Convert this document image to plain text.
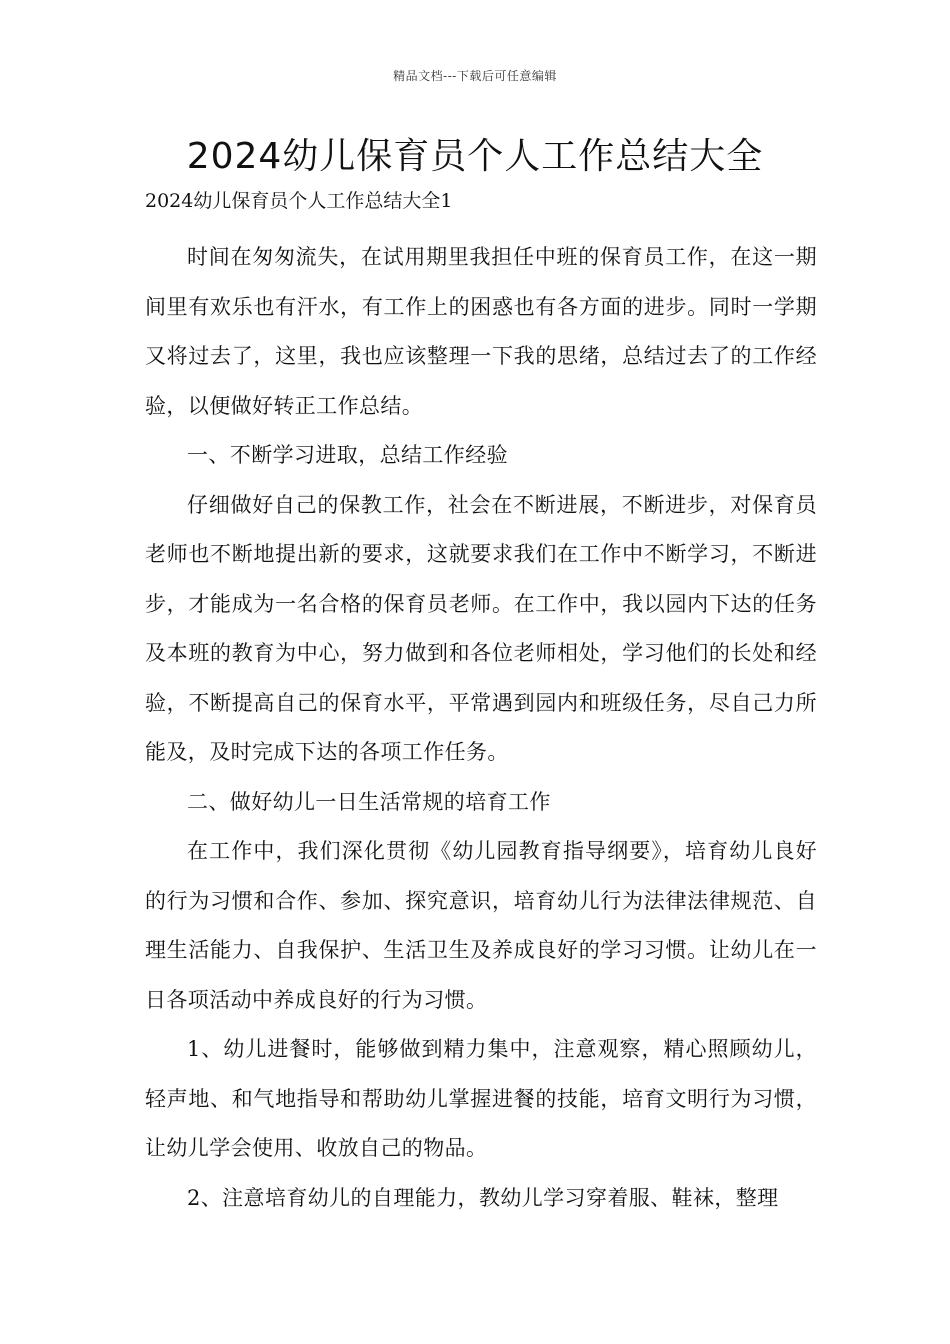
精品文档---下载后可任意编辑
2024幼儿保育员个人工作总结大全

2024幼儿保育员个人工作总结大全1

时间在匆匆流失，在试用期里我担任中班的保育员工作，在这一期间里有欢乐也有汗水，有工作上的困惑也有各方面的进步。同时一学期又将过去了，这里，我也应该整理一下我的思绪，总结过去了的工作经验，以便做好转正工作总结。

一、不断学习进取，总结工作经验

仔细做好自己的保教工作，社会在不断进展，不断进步，对保育员老师也不断地提出新的要求，这就要求我们在工作中不断学习，不断进步，才能成为一名合格的保育员老师。在工作中，我以园内下达的任务及本班的教育为中心，努力做到和各位老师相处，学习他们的长处和经验，不断提高自己的保育水平，平常遇到园内和班级任务，尽自己力所能及，及时完成下达的各项工作任务。

二、做好幼儿一日生活常规的培育工作

在工作中，我们深化贯彻《幼儿园教育指导纲要》，培育幼儿良好的行为习惯和合作、参加、探究意识，培育幼儿行为法律法律规范、自理生活能力、自我保护、生活卫生及养成良好的学习习惯。让幼儿在一日各项活动中养成良好的行为习惯。

1、幼儿进餐时，能够做到精力集中，注意观察，精心照顾幼儿，轻声地、和气地指导和帮助幼儿掌握进餐的技能，培育文明行为习惯，让幼儿学会使用、收放自己的物品。

2、注意培育幼儿的自理能力，教幼儿学习穿着服、鞋袜，整理
